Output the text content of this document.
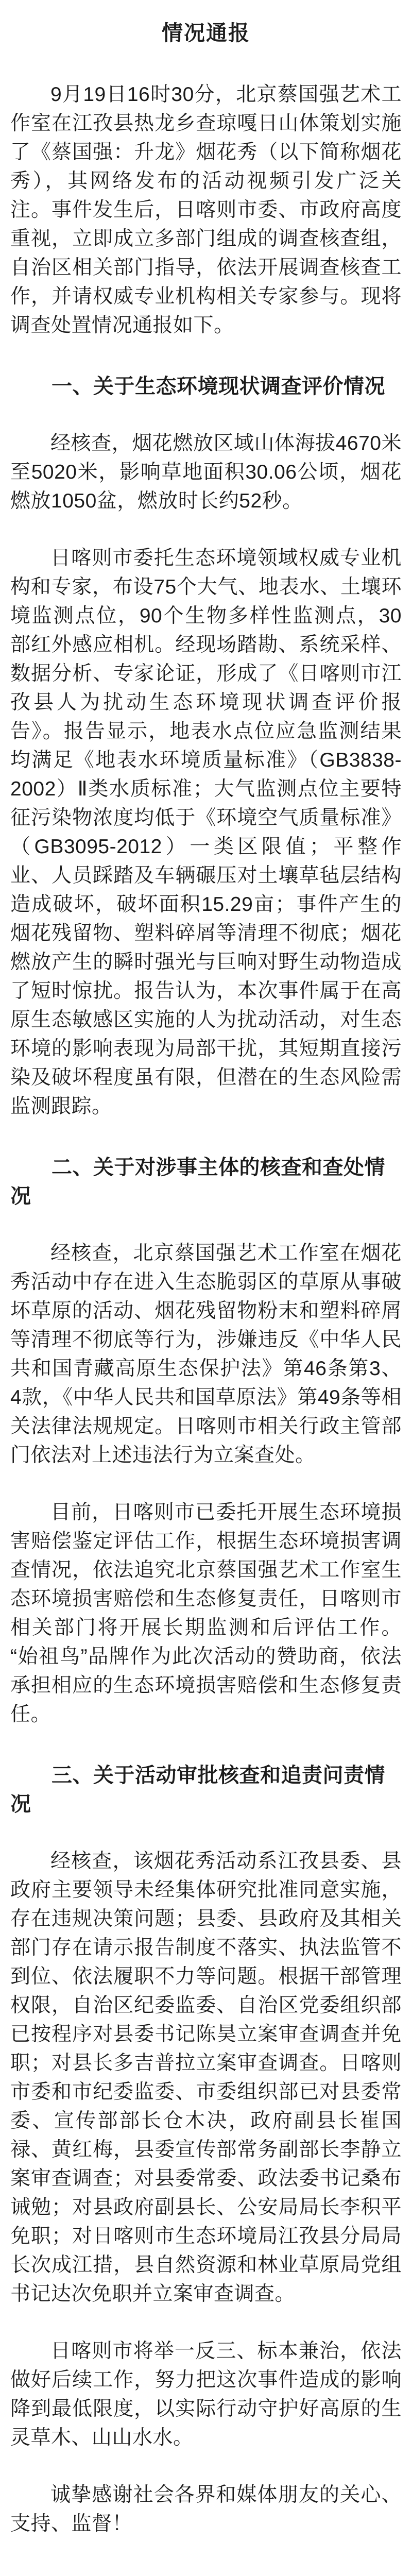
情况通报

9月19日16时30分，北京蔡国强艺术工作室在江孜县热龙乡查琼嘎日山体策划实施了《蔡国强：升龙》烟花秀（以下简称烟花秀），其网络发布的活动视频引发广泛关注。事件发生后，日喀则市委、市政府高度重视，立即成立多部门组成的调查核查组，自治区相关部门指导，依法开展调查核查工作，并请权威专业机构相关专家参与。现将调查处置情况通报如下。

一、关于生态环境现状调查评价情况

经核查，烟花燃放区域山体海拔4670米至5020米，影响草地面积30.06公顷，烟花燃放1050盆，燃放时长约52秒。

日喀则市委托生态环境领域权威专业机构和专家，布设75个大气、地表水、土壤环境监测点位，90个生物多样性监测点，30部红外感应相机。经现场踏勘、系统采样、数据分析、专家论证，形成了《日喀则市江孜县人为扰动生态环境现状调查评价报告》。报告显示，地表水点位应急监测结果均满足《地表水环境质量标准》（GB3838-2002）Ⅱ类水质标准；大气监测点位主要特征污染物浓度均低于《环境空气质量标准》（GB3095-2012）一类区限值；平整作业、人员踩踏及车辆碾压对土壤草毡层结构造成破坏，破坏面积15.29亩；事件产生的烟花残留物、塑料碎屑等清理不彻底；烟花燃放产生的瞬时强光与巨响对野生动物造成了短时惊扰。报告认为，本次事件属于在高原生态敏感区实施的人为扰动活动，对生态环境的影响表现为局部干扰，其短期直接污染及破坏程度虽有限，但潜在的生态风险需监测跟踪。

二、关于对涉事主体的核查和查处情况

经核查，北京蔡国强艺术工作室在烟花秀活动中存在进入生态脆弱区的草原从事破坏草原的活动、烟花残留物粉末和塑料碎屑等清理不彻底等行为，涉嫌违反《中华人民共和国青藏高原生态保护法》第46条第3、4款，《中华人民共和国草原法》第49条等相关法律法规规定。日喀则市相关行政主管部门依法对上述违法行为立案查处。

目前，日喀则市已委托开展生态环境损害赔偿鉴定评估工作，根据生态环境损害调查情况，依法追究北京蔡国强艺术工作室生态环境损害赔偿和生态修复责任，日喀则市相关部门将开展长期监测和后评估工作。“始祖鸟”品牌作为此次活动的赞助商，依法承担相应的生态环境损害赔偿和生态修复责任。

三、关于活动审批核查和追责问责情况

经核查，该烟花秀活动系江孜县委、县政府主要领导未经集体研究批准同意实施，存在违规决策问题；县委、县政府及其相关部门存在请示报告制度不落实、执法监管不到位、依法履职不力等问题。根据干部管理权限，自治区纪委监委、自治区党委组织部已按程序对县委书记陈昊立案审查调查并免职；对县长多吉普拉立案审查调查。日喀则市委和市纪委监委、市委组织部已对县委常委、宣传部部长仓木决，政府副县长崔国禄、黄红梅，县委宣传部常务副部长李静立案审查调查；对县委常委、政法委书记桑布诫勉；对县政府副县长、公安局局长李积平免职；对日喀则市生态环境局江孜县分局局长次成江措，县自然资源和林业草原局党组书记达次免职并立案审查调查。

日喀则市将举一反三、标本兼治，依法做好后续工作，努力把这次事件造成的影响降到最低限度，以实际行动守护好高原的生灵草木、山山水水。

诚挚感谢社会各界和媒体朋友的关心、支持、监督！
